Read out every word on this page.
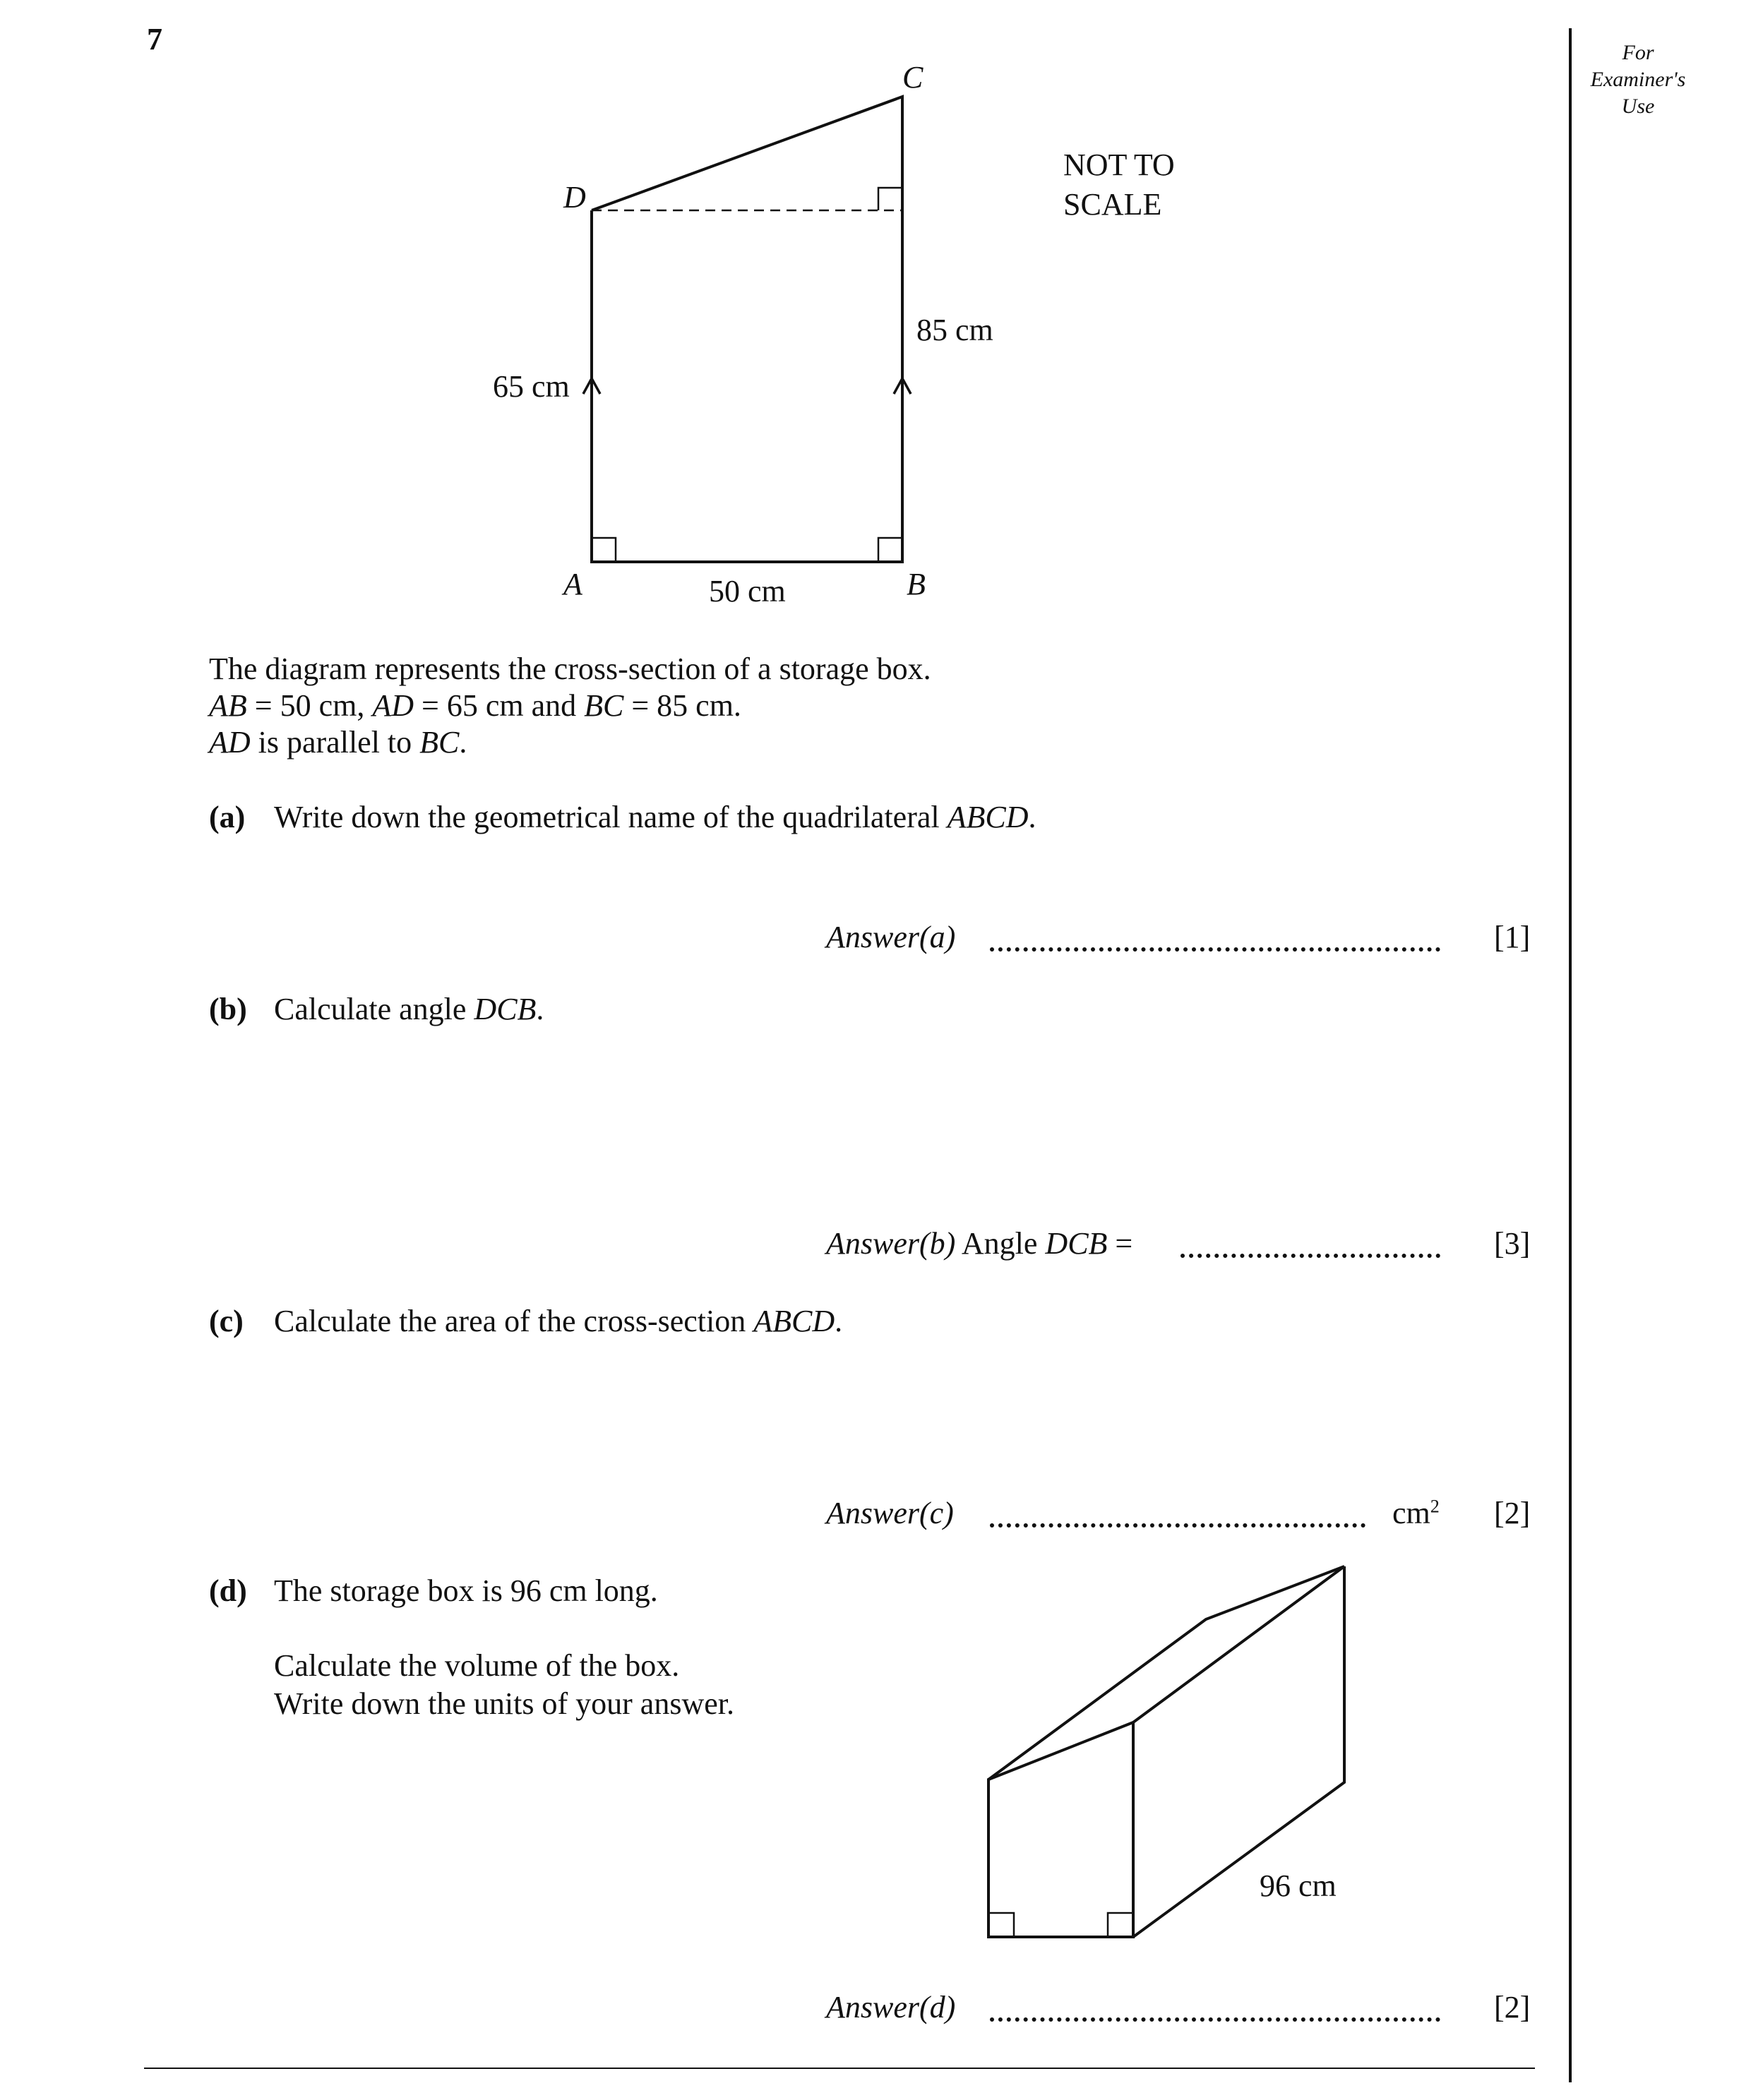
7	For
Examiner's
Use
C
D
A	B
65 cm
85 cm
50 cm
NOT TO
SCALE
The diagram represents the cross-section of a storage box.
AB = 50 cm, AD = 65 cm and BC = 85 cm.
AD is parallel to BC.
(a) Write down the geometrical name of the quadrilateral ABCD.
Answer(a)	[1]
(b) Calculate angle DCB.
Answer(b) Angle DCB =	[3]
(c) Calculate the area of the cross-section ABCD.
Answer(c)	$cm^2$ [2]
(d) The storage box is 96 cm long.
Calculate the volume of the box.
Write down the units of your answer.
96 cm
Answer(d)	[2]
